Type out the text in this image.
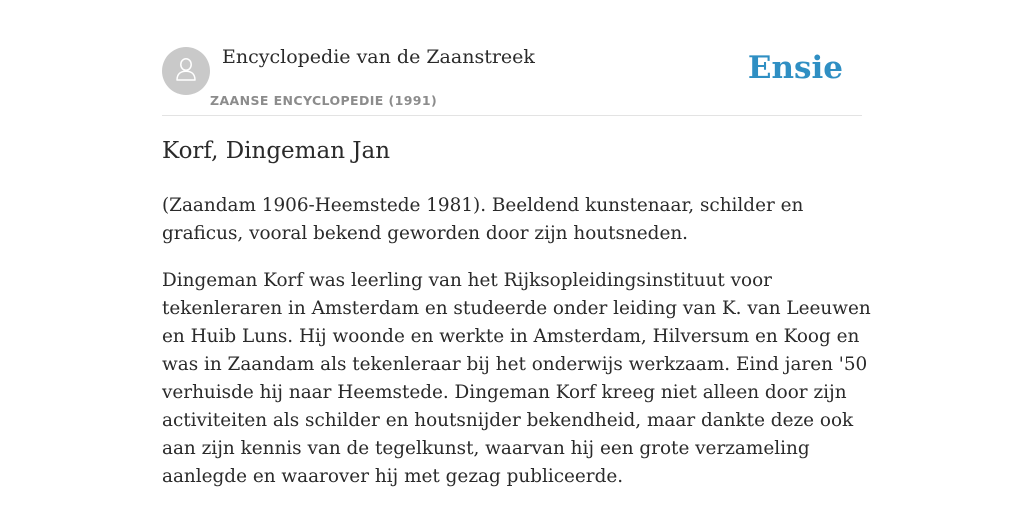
Encyclopedie van de Zaanstreek
ZAANSE ENCYCLOPEDIE (1991)
Ensie
Korf, Dingeman Jan

(Zaandam 1906-Heemstede 1981). Beeldend kunstenaar, schilder en graficus, vooral bekend geworden door zijn houtsneden.

Dingeman Korf was leerling van het Rijksopleidingsinstituut voor tekenleraren in Amsterdam en studeerde onder leiding van K. van Leeuwen en Huib Luns. Hij woonde en werkte in Amsterdam, Hilversum en Koog en was in Zaandam als tekenleraar bij het onderwijs werkzaam. Eind jaren '50 verhuisde hij naar Heemstede. Dingeman Korf kreeg niet alleen door zijn activiteiten als schilder en houtsnijder bekendheid, maar dankte deze ook aan zijn kennis van de tegelkunst, waarvan hij een grote verzameling aanlegde en waarover hij met gezag publiceerde.
